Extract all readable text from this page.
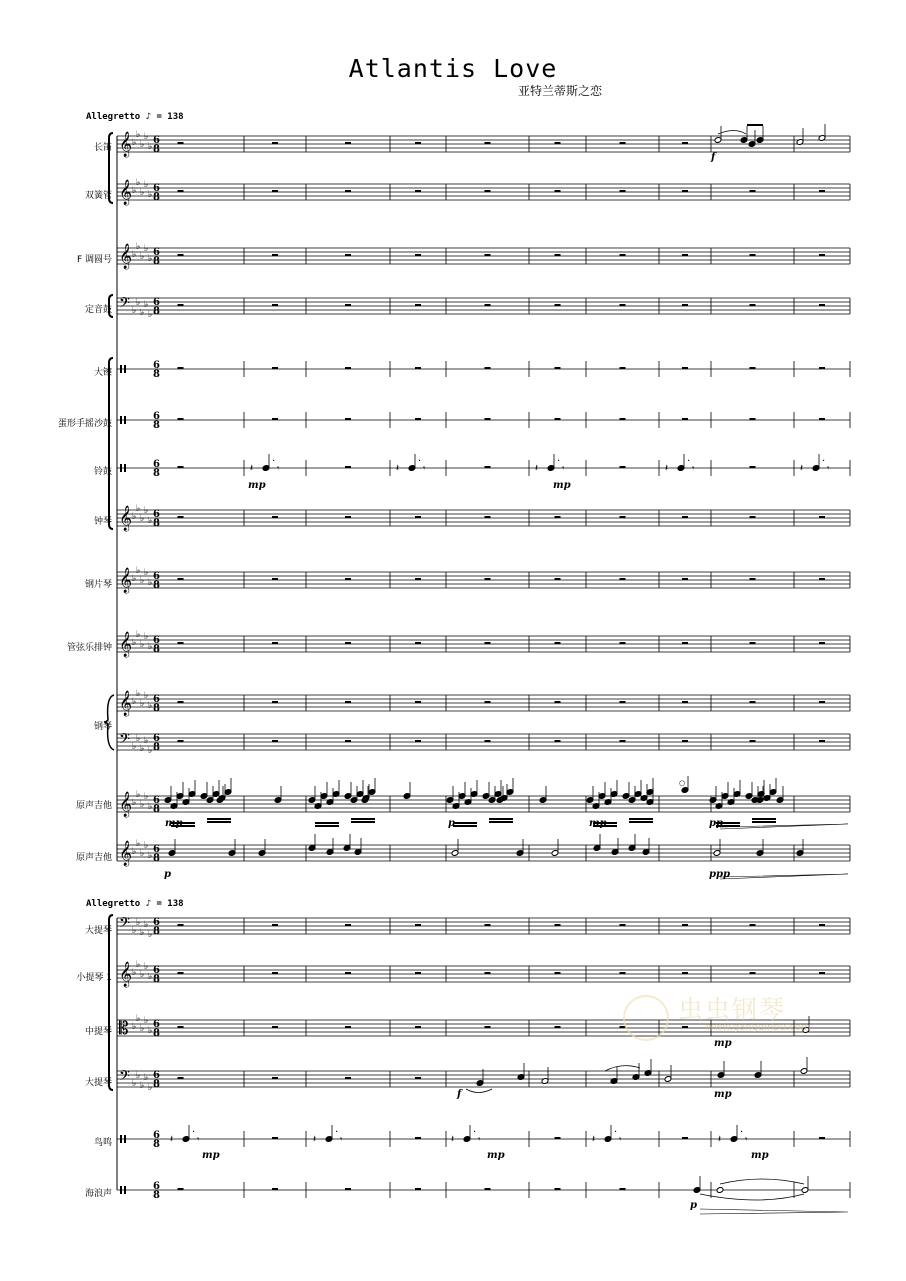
𝄞 ♭
♭
♭
♭
♭
6
8
𝄞 ♭
♭
♭
♭
♭
6
8
𝄞 ♭
♭
♭
♭
♭
6
8
𝄢 ♭
♭
♭
♭
♭
6
8
6
8
6
8
6
8
𝄞 ♭
♭
♭
♭
♭
6
8
𝄞 ♭
♭
♭
♭
♭
6
8
𝄞 ♭
♭
♭
♭
♭
6
8
𝄞 ♭
♭
♭
♭
♭
6
8
𝄢 ♭
♭
♭
♭
♭
6
8
𝄞 ♭
♭
♭
♭
♭
6
8
𝄞 ♭
♭
♭
♭
♭
6
8
𝄢 ♭
♭
♭
♭
♭
6
8
𝄞 ♭
♭
♭
♭
♭
6
8
𝄡 ♭
♭
♭
♭
♭
6
8
𝄢 ♭
♭
♭
♭
♭
6
8
6
8
6
8
𝄽
·
𝄾	𝄽
·
𝄾	𝄽
·
𝄾	𝄽
·
𝄾	𝄽
·
𝄾
𝄽
·
𝄾	𝄽
·
𝄾	𝄽
·
𝄾	𝄽
·
𝄾	𝄽
·
𝄾
Atlantis Love
亚特兰蒂斯之恋
Allegretto ♪ = 138
Allegretto ♪ = 138
长笛
双簧管
F 调圆号
定音鼓
大镲
蛋形手摇沙鼓
铃鼓
钟琴
钢片琴
管弦乐排钟
钢琴
原声吉他
原声吉他
大提琴
小提琴 1
中提琴
大提琴
鸟鸣
海浪声
f
mp	mp
mp	p	mp	pp
p	ppp
mp
f	mp
mp	mp	mp
p
○
虫虫钢琴
www.gangqinpu.com
